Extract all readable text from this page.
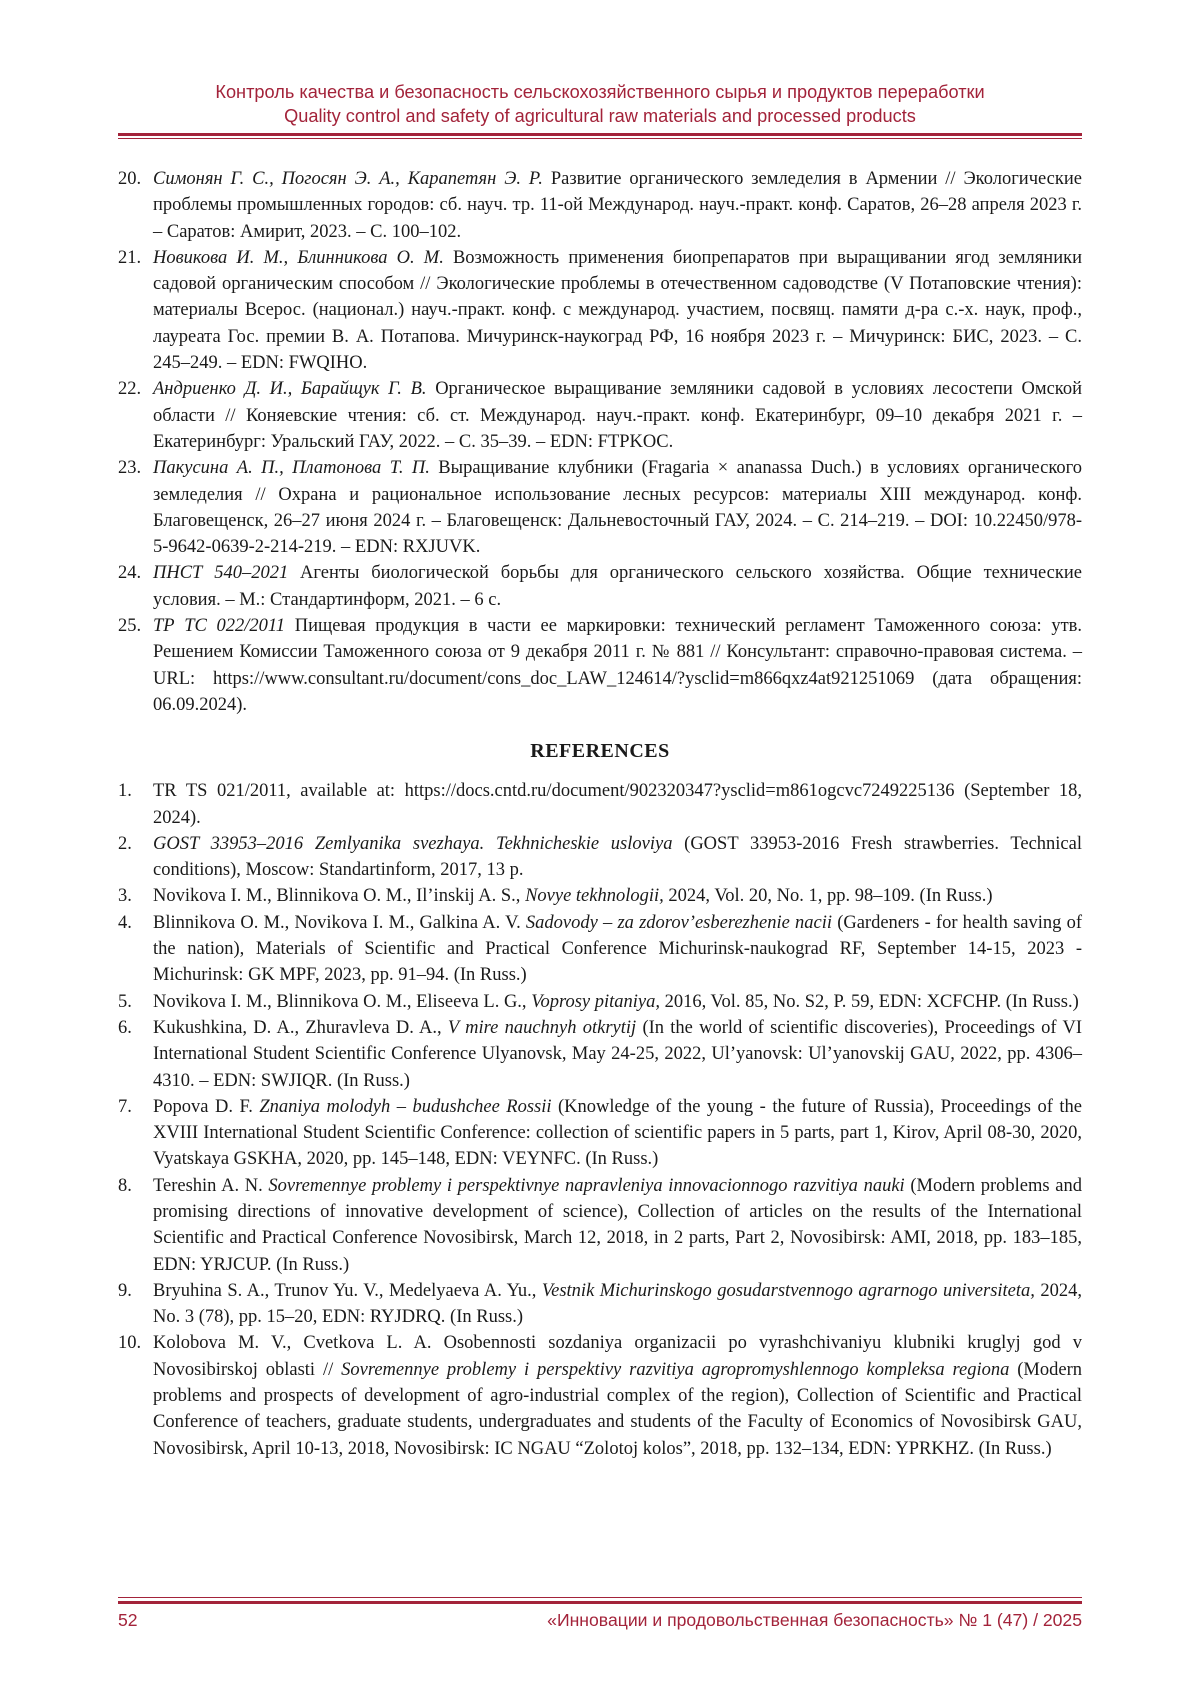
Контроль качества и безопасность сельскохозяйственного сырья и продуктов переработки
Quality control and safety of agricultural raw materials and processed products
20. Симонян Г. С., Погосян Э. А., Карапетян Э. Р. Развитие органического земледелия в Армении // Экологические проблемы промышленных городов: сб. науч. тр. 11-ой Международ. науч.-практ. конф. Саратов, 26–28 апреля 2023 г. – Саратов: Амирит, 2023. – С. 100–102.
21. Новикова И. М., Блинникова О. М. Возможность применения биопрепаратов при выращивании ягод земляники садовой органическим способом // Экологические проблемы в отечественном садоводстве (V Потаповские чтения): материалы Всерос. (национал.) науч.-практ. конф. с международ. участием, посвящ. памяти д-ра с.-х. наук, проф., лауреата Гос. премии В. А. Потапова. Мичуринск-наукоград РФ, 16 ноября 2023 г. – Мичуринск: БИС, 2023. – С. 245–249. – EDN: FWQIHO.
22. Андриенко Д. И., Барайщук Г. В. Органическое выращивание земляники садовой в условиях лесостепи Омской области // Коняевские чтения: сб. ст. Международ. науч.-практ. конф. Екатеринбург, 09–10 декабря 2021 г. – Екатеринбург: Уральский ГАУ, 2022. – С. 35–39. – EDN: FTPKOC.
23. Пакусина А. П., Платонова Т. П. Выращивание клубники (Fragaria × ananassa Duch.) в условиях органического земледелия // Охрана и рациональное использование лесных ресурсов: материалы XIII международ. конф. Благовещенск, 26–27 июня 2024 г. – Благовещенск: Дальневосточный ГАУ, 2024. – С. 214–219. – DOI: 10.22450/978-5-9642-0639-2-214-219. – EDN: RXJUVK.
24. ПНСТ 540–2021 Агенты биологической борьбы для органического сельского хозяйства. Общие технические условия. – М.: Стандартинформ, 2021. – 6 с.
25. ТР ТС 022/2011 Пищевая продукция в части ее маркировки: технический регламент Таможенного союза: утв. Решением Комиссии Таможенного союза от 9 декабря 2011 г. № 881 // Консультант: справочно-правовая система. – URL: https://www.consultant.ru/document/cons_doc_LAW_124614/?ysclid=m866qxz4at921251069 (дата обращения: 06.09.2024).
REFERENCES
1. TR TS 021/2011, available at: https://docs.cntd.ru/document/902320347?ysclid=m861ogcvc7249225136 (September 18, 2024).
2. GOST 33953–2016 Zemlyanika svezhaya. Tekhnicheskie usloviya (GOST 33953-2016 Fresh strawberries. Technical conditions), Moscow: Standartinform, 2017, 13 p.
3. Novikova I. M., Blinnikova O. M., Il’inskij A. S., Novye tekhnologii, 2024, Vol. 20, No. 1, pp. 98–109. (In Russ.)
4. Blinnikova O. M., Novikova I. M., Galkina A. V. Sadovody – za zdorov’esberezhenie nacii (Gardeners - for health saving of the nation), Materials of Scientific and Practical Conference Michurinsk-naukograd RF, September 14-15, 2023 - Michurinsk: GK MPF, 2023, pp. 91–94. (In Russ.)
5. Novikova I. M., Blinnikova O. M., Eliseeva L. G., Voprosy pitaniya, 2016, Vol. 85, No. S2, P. 59, EDN: XCFCHP. (In Russ.)
6. Kukushkina, D. A., Zhuravleva D. A., V mire nauchnyh otkrytij (In the world of scientific discoveries), Proceedings of VI International Student Scientific Conference Ulyanovsk, May 24-25, 2022, Ul’yanovsk: Ul’yanovskij GAU, 2022, pp. 4306–4310. – EDN: SWJIQR. (In Russ.)
7. Popova D. F. Znaniya molodyh – budushchee Rossii (Knowledge of the young - the future of Russia), Proceedings of the XVIII International Student Scientific Conference: collection of scientific papers in 5 parts, part 1, Kirov, April 08-30, 2020, Vyatskaya GSKHA, 2020, pp. 145–148, EDN: VEYNFC. (In Russ.)
8. Tereshin A. N. Sovremennye problemy i perspektivnye napravleniya innovacionnogo razvitiya nauki (Modern problems and promising directions of innovative development of science), Collection of articles on the results of the International Scientific and Practical Conference Novosibirsk, March 12, 2018, in 2 parts, Part 2, Novosibirsk: AMI, 2018, pp. 183–185, EDN: YRJCUP. (In Russ.)
9. Bryuhina S. A., Trunov Yu. V., Medelyaeva A. Yu., Vestnik Michurinskogo gosudarstvennogo agrarnogo universiteta, 2024, No. 3 (78), pp. 15–20, EDN: RYJDRQ. (In Russ.)
10. Kolobova M. V., Cvetkova L. A. Osobennosti sozdaniya organizacii po vyrashchivaniyu klubniki kruglyj god v Novosibirskoj oblasti // Sovremennye problemy i perspektivy razvitiya agropromyshlennogo kompleksa regiona (Modern problems and prospects of development of agro-industrial complex of the region), Collection of Scientific and Practical Conference of teachers, graduate students, undergraduates and students of the Faculty of Economics of Novosibirsk GAU, Novosibirsk, April 10-13, 2018, Novosibirsk: IC NGAU “Zolotoj kolos”, 2018, pp. 132–134, EDN: YPRKHZ. (In Russ.)
52	«Инновации и продовольственная безопасность» № 1 (47) / 2025
